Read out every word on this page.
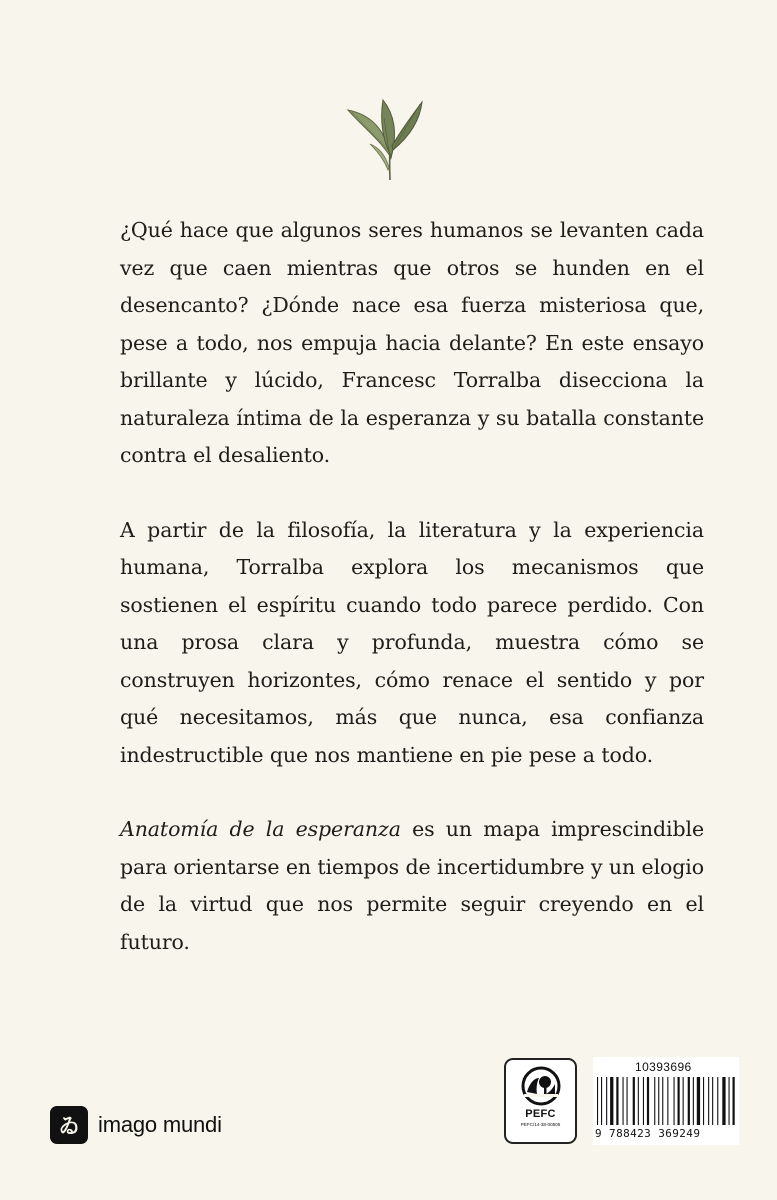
¿Qué hace que algunos seres humanos se levanten cada vez que caen mientras que otros se hunden en el desencanto? ¿Dónde nace esa fuerza misteriosa que, pese a todo, nos empuja hacia delante? En este ensayo brillante y lúcido, Francesc Torralba disecciona la naturaleza íntima de la esperanza y su batalla constante contra el desaliento.

A partir de la filosofía, la literatura y la experiencia humana, Torralba explora los mecanismos que sostienen el espíritu cuando todo parece perdido. Con una prosa clara y profunda, muestra cómo se construyen horizontes, cómo renace el sentido y por qué necesitamos, más que nunca, esa confianza indestructible que nos mantiene en pie pese a todo.

Anatomía de la esperanza es un mapa imprescindible para orientarse en tiempos de incertidumbre y un elogio de la virtud que nos permite seguir creyendo en el futuro.

ゐ imago mundi	PEFC
PEFC/14-38-00505
10393696
9 788423 369249
